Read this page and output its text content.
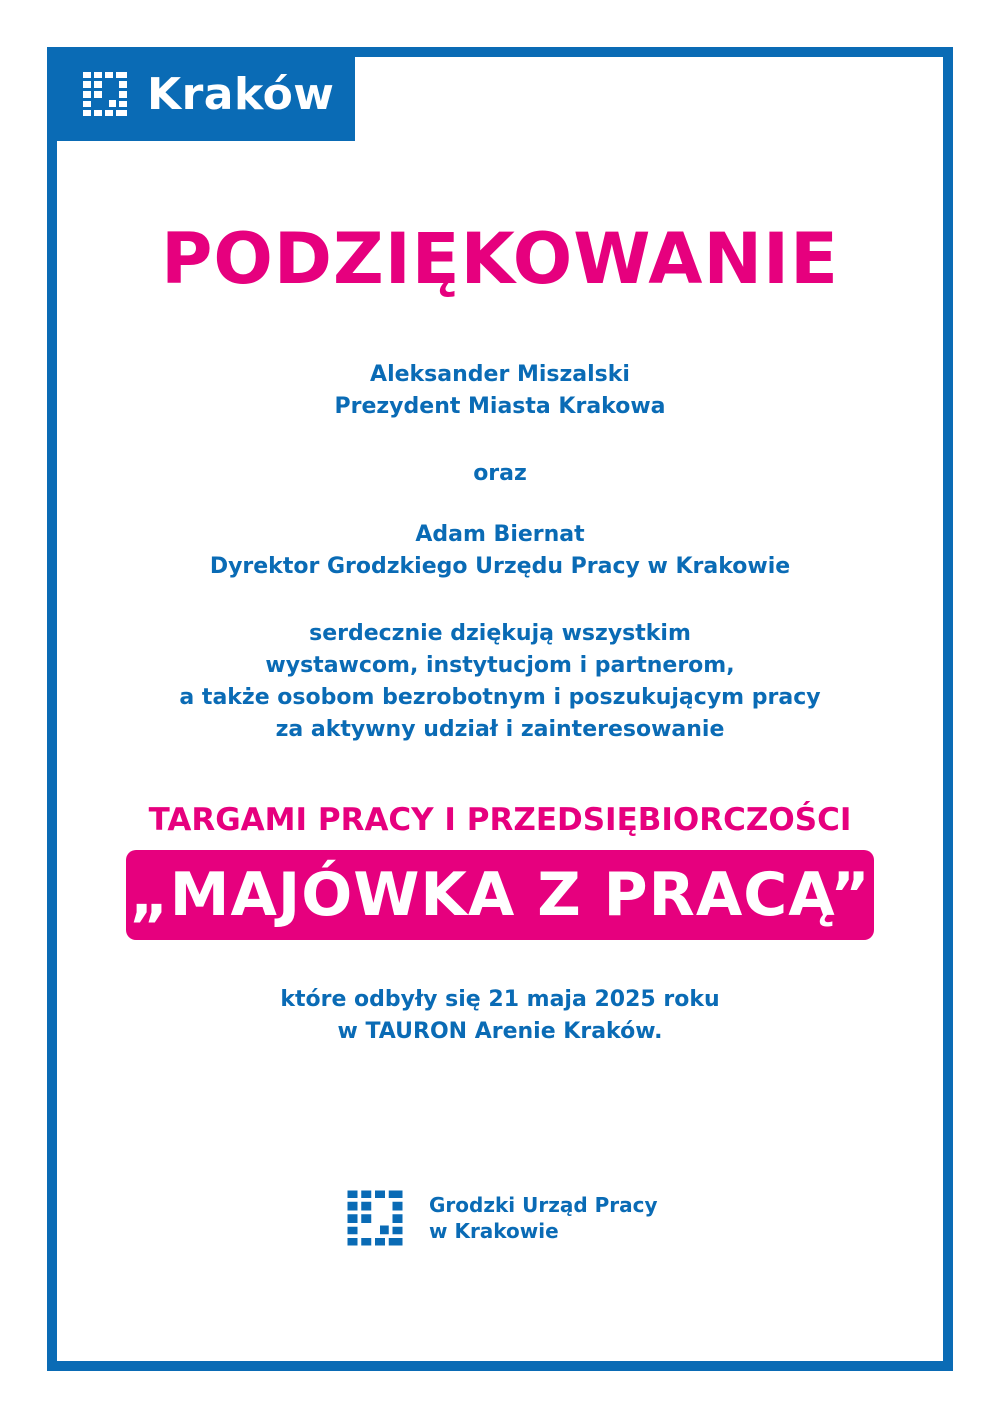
Kraków
PODZIĘKOWANIE
Aleksander Miszalski
Prezydent Miasta Krakowa
oraz
Adam Biernat
Dyrektor Grodzkiego Urzędu Pracy w Krakowie
serdecznie dziękują wszystkim
wystawcom, instytucjom i partnerom,
a także osobom bezrobotnym i poszukującym pracy
za aktywny udział i zainteresowanie
TARGAMI PRACY I PRZEDSIĘBIORCZOŚCI
„MAJÓWKA Z PRACĄ”
które odbyły się 21 maja 2025 roku
w TAURON Arenie Kraków.
Grodzki Urząd Pracy
w Krakowie
